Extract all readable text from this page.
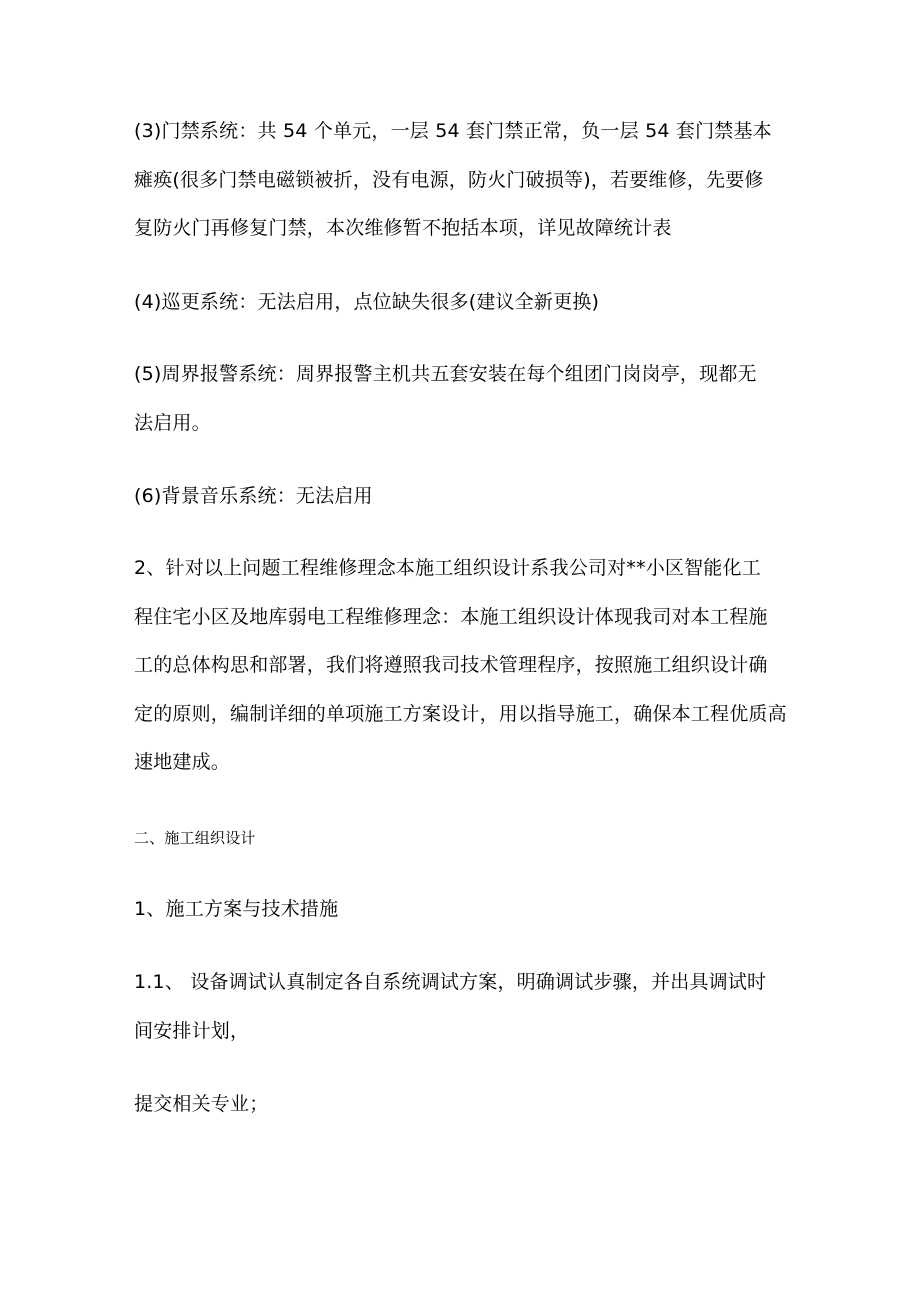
(3)门禁系统：共 54 个单元，一层 54 套门禁正常，负一层 54 套门禁基本
瘫痪(很多门禁电磁锁被折，没有电源，防火门破损等)，若要维修，先要修
复防火门再修复门禁，本次维修暂不抱括本项，详见故障统计表
(4)巡更系统：无法启用，点位缺失很多(建议全新更换)
(5)周界报警系统：周界报警主机共五套安装在每个组团门岗岗亭，现都无
法启用。
(6)背景音乐系统：无法启用
2、针对以上问题工程维修理念本施工组织设计系我公司对**小区智能化工
程住宅小区及地库弱电工程维修理念：本施工组织设计体现我司对本工程施
工的总体构思和部署，我们将遵照我司技术管理程序，按照施工组织设计确
定的原则，编制详细的单项施工方案设计，用以指导施工，确保本工程优质高
速地建成。
二、施工组织设计
1、施工方案与技术措施
1.1、 设备调试认真制定各自系统调试方案，明确调试步骤，并出具调试时
间安排计划，
提交相关专业；
